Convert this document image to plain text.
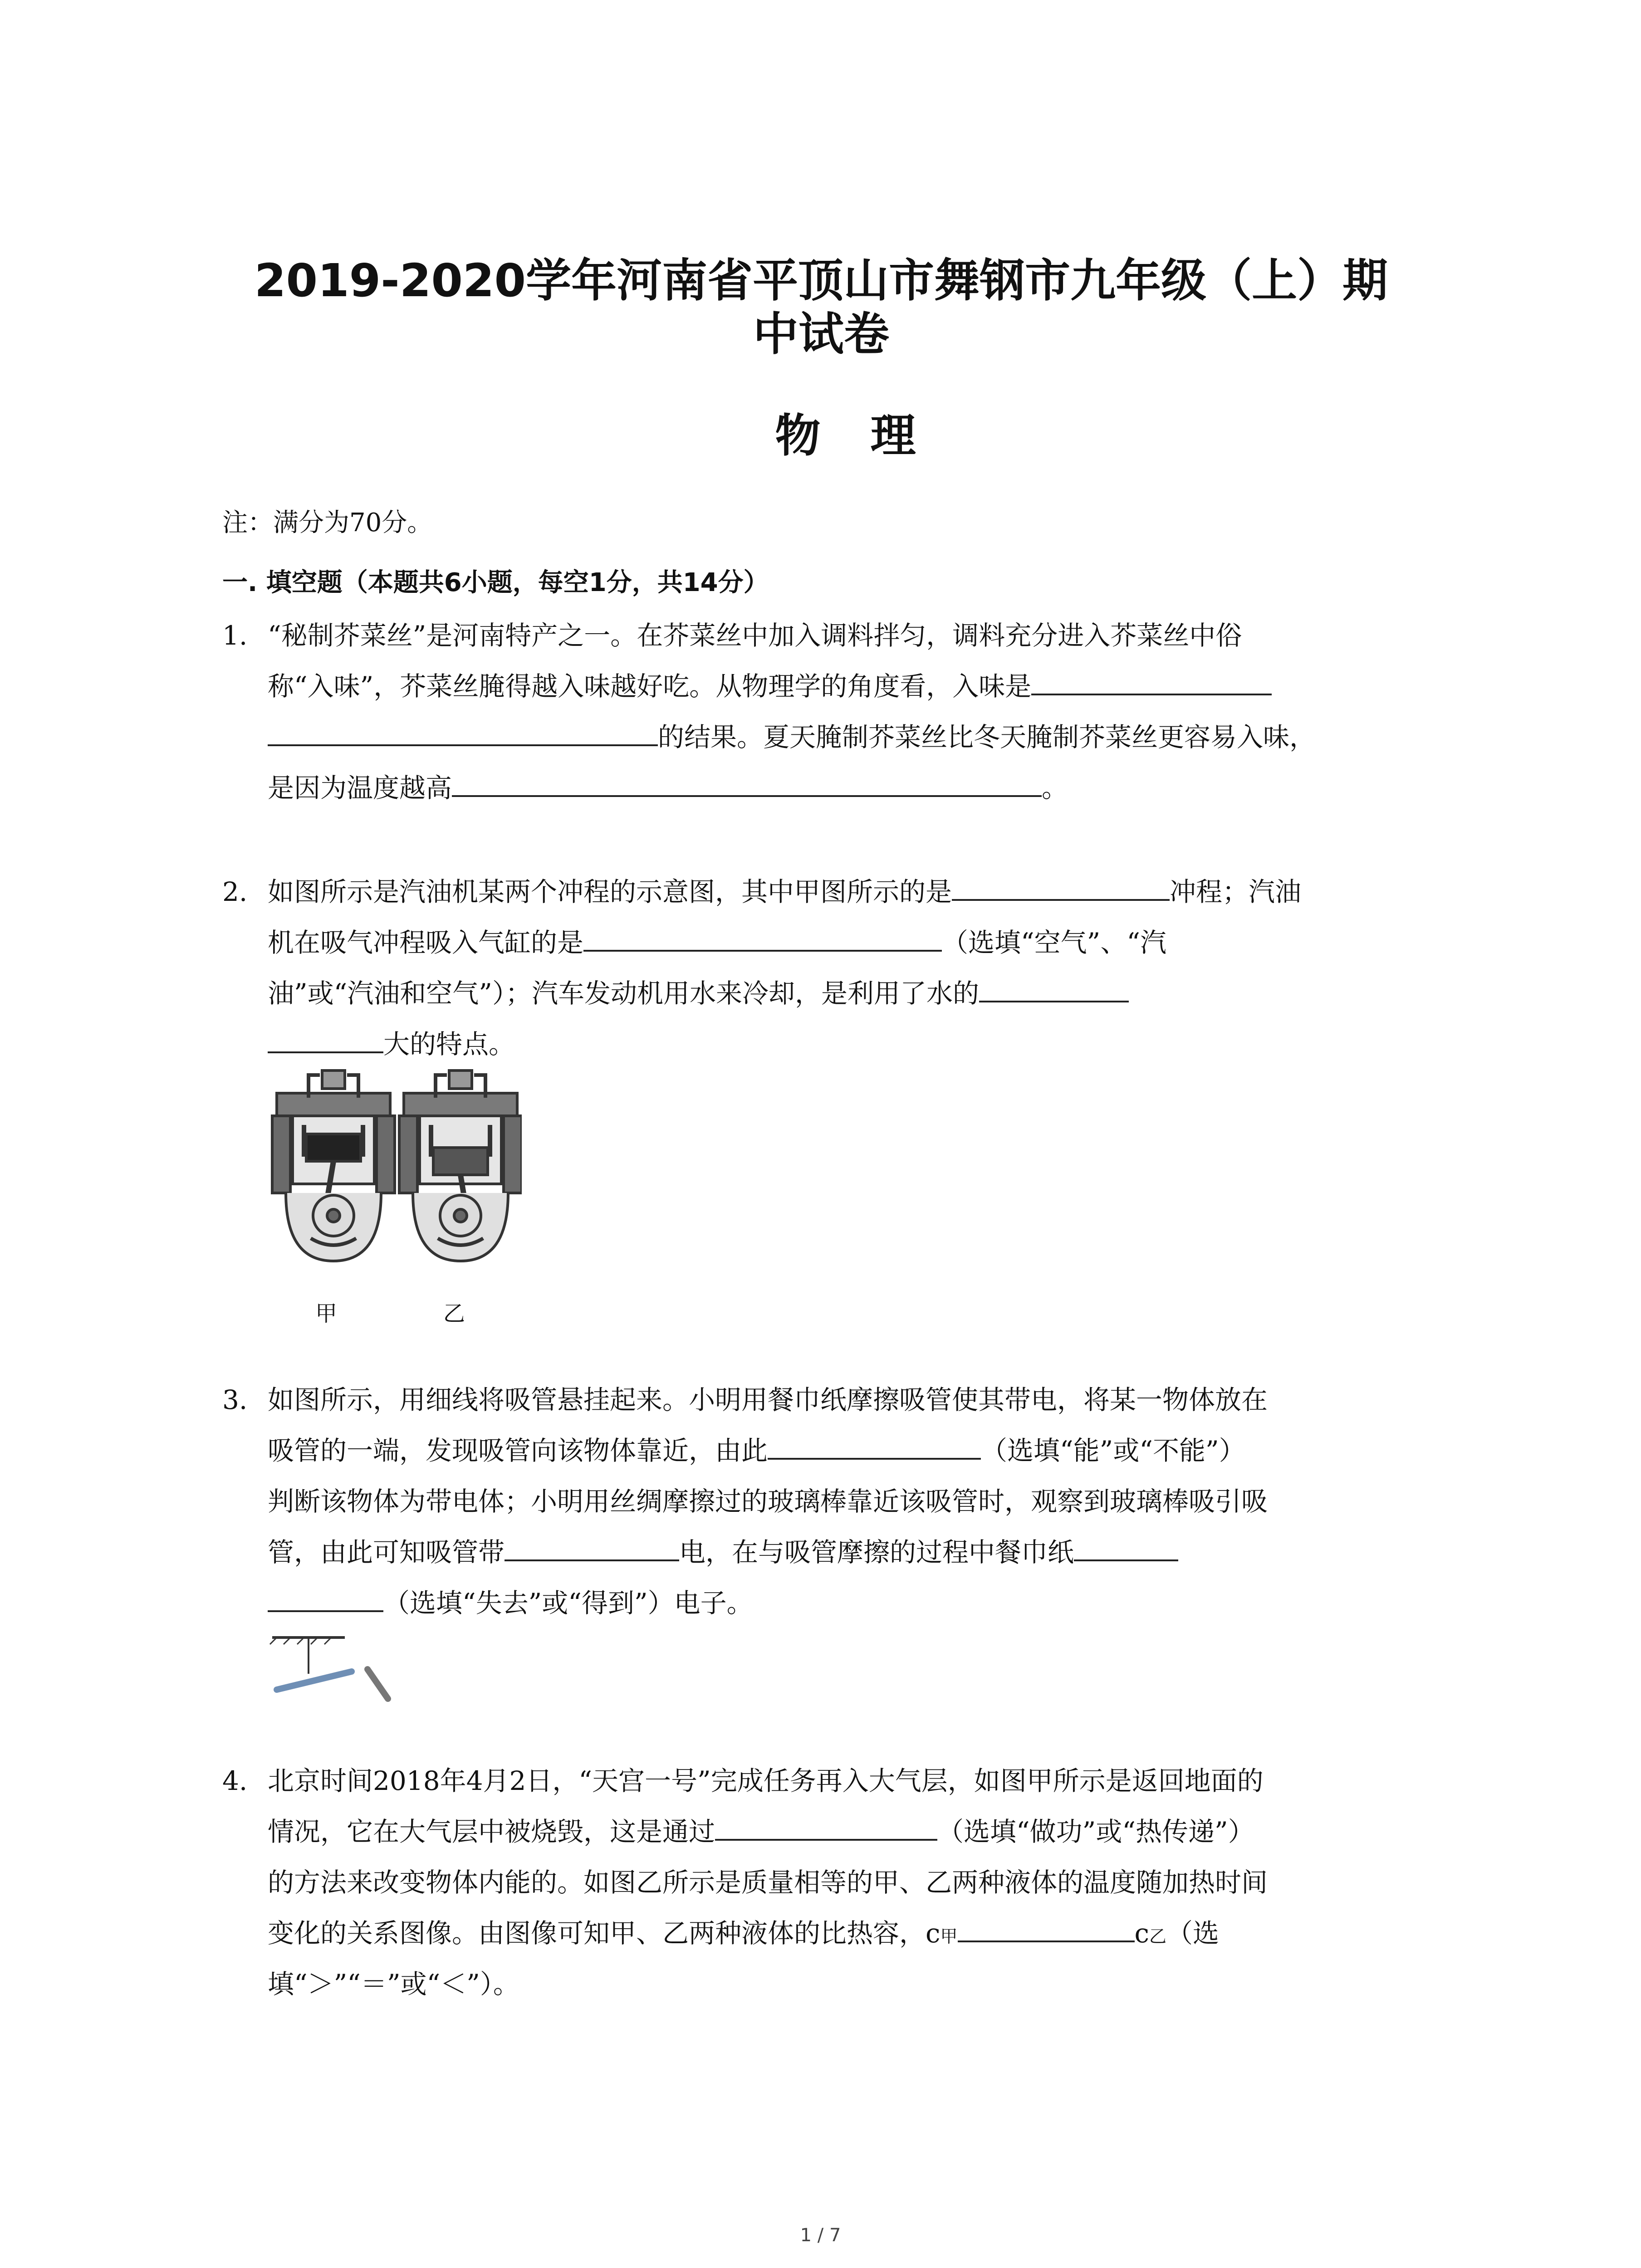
2019-2020学年河南省平顶山市舞钢市九年级（上）期
中试卷
物理
注：满分为70分。
一. 填空题（本题共6小题，每空1分，共14分）
1. “秘制芥菜丝”是河南特产之一。在芥菜丝中加入调料拌匀，调料充分进入芥菜丝中俗
称“入味”，芥菜丝腌得越入味越好吃。从物理学的角度看，入味是
的结果。夏天腌制芥菜丝比冬天腌制芥菜丝更容易入味，
是因为温度越高	。
2. 如图所示是汽油机某两个冲程的示意图，其中甲图所示的是	冲程；汽油
机在吸气冲程吸入气缸的是	（选填“空气”、“汽
油”或“汽油和空气”）；汽车发动机用水来冷却，是利用了水的
大的特点。
甲	乙
3. 如图所示，用细线将吸管悬挂起来。小明用餐巾纸摩擦吸管使其带电，将某一物体放在
吸管的一端，发现吸管向该物体靠近，由此	（选填“能”或“不能”）
判断该物体为带电体；小明用丝绸摩擦过的玻璃棒靠近该吸管时，观察到玻璃棒吸引吸
管，由此可知吸管带	电，在与吸管摩擦的过程中餐巾纸
（选填“失去”或“得到”）电子。
4. 北京时间2018年4月2日，“天宫一号”完成任务再入大气层，如图甲所示是返回地面的
情况，它在大气层中被烧毁，这是通过	（选填“做功”或“热传递”）
的方法来改变物体内能的。如图乙所示是质量相等的甲、乙两种液体的温度随加热时间
变化的关系图像。由图像可知甲、乙两种液体的比热容，c甲	c乙（选
填“＞”“＝”或“＜”）。
1 / 7
